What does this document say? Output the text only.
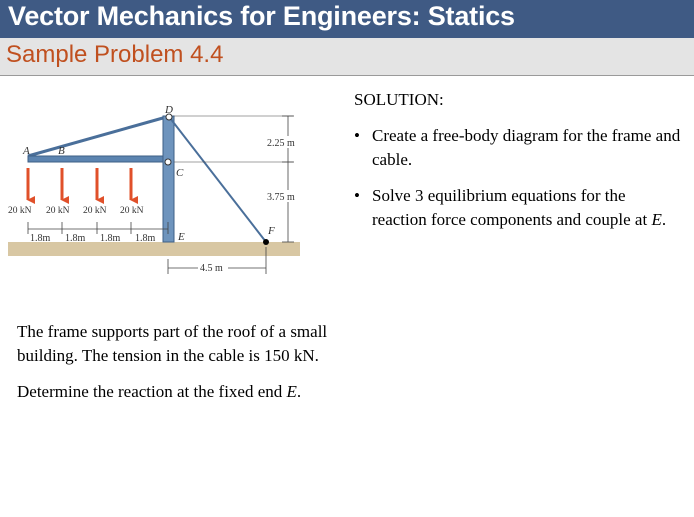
Vector Mechanics for Engineers: Statics
Sample Problem 4.4
20 kN 20 kN 20 kN 20 kN
1.8m 1.8m 1.8m 1.8m
2.25 m
3.75 m
4.5 m
A	B
C
D
E	F
SOLUTION:
• Create a free-body diagram for the frame and cable.
• Solve 3 equilibrium equations for the reaction force components and couple at E.

The frame supports part of the roof of a small building. The tension in the cable is 150 kN.

Determine the reaction at the fixed end E.
